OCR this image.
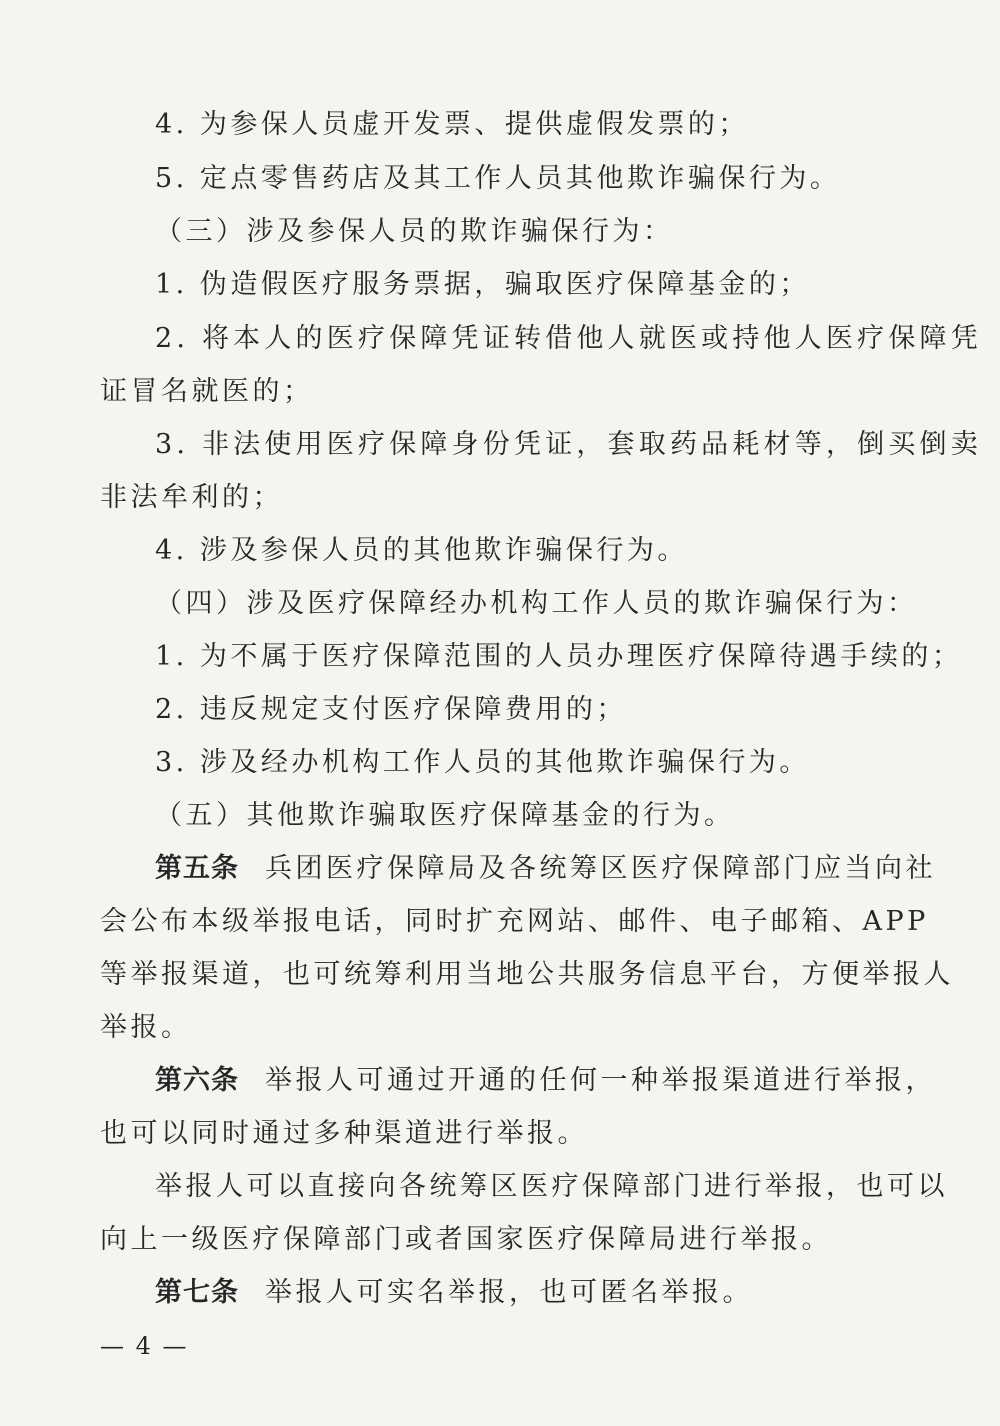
4. 为参保人员虚开发票、提供虚假发票的；
5. 定点零售药店及其工作人员其他欺诈骗保行为。
（三）涉及参保人员的欺诈骗保行为：
1. 伪造假医疗服务票据，骗取医疗保障基金的；
2. 将本人的医疗保障凭证转借他人就医或持他人医疗保障凭
证冒名就医的；
3. 非法使用医疗保障身份凭证，套取药品耗材等，倒买倒卖
非法牟利的；
4. 涉及参保人员的其他欺诈骗保行为。
（四）涉及医疗保障经办机构工作人员的欺诈骗保行为：
1. 为不属于医疗保障范围的人员办理医疗保障待遇手续的；
2. 违反规定支付医疗保障费用的；
3. 涉及经办机构工作人员的其他欺诈骗保行为。
（五）其他欺诈骗取医疗保障基金的行为。
第五条 兵团医疗保障局及各统筹区医疗保障部门应当向社
会公布本级举报电话，同时扩充网站、邮件、电子邮箱、APP
等举报渠道，也可统筹利用当地公共服务信息平台，方便举报人
举报。
第六条 举报人可通过开通的任何一种举报渠道进行举报，
也可以同时通过多种渠道进行举报。
举报人可以直接向各统筹区医疗保障部门进行举报，也可以
向上一级医疗保障部门或者国家医疗保障局进行举报。
第七条 举报人可实名举报，也可匿名举报。
— 4 —
